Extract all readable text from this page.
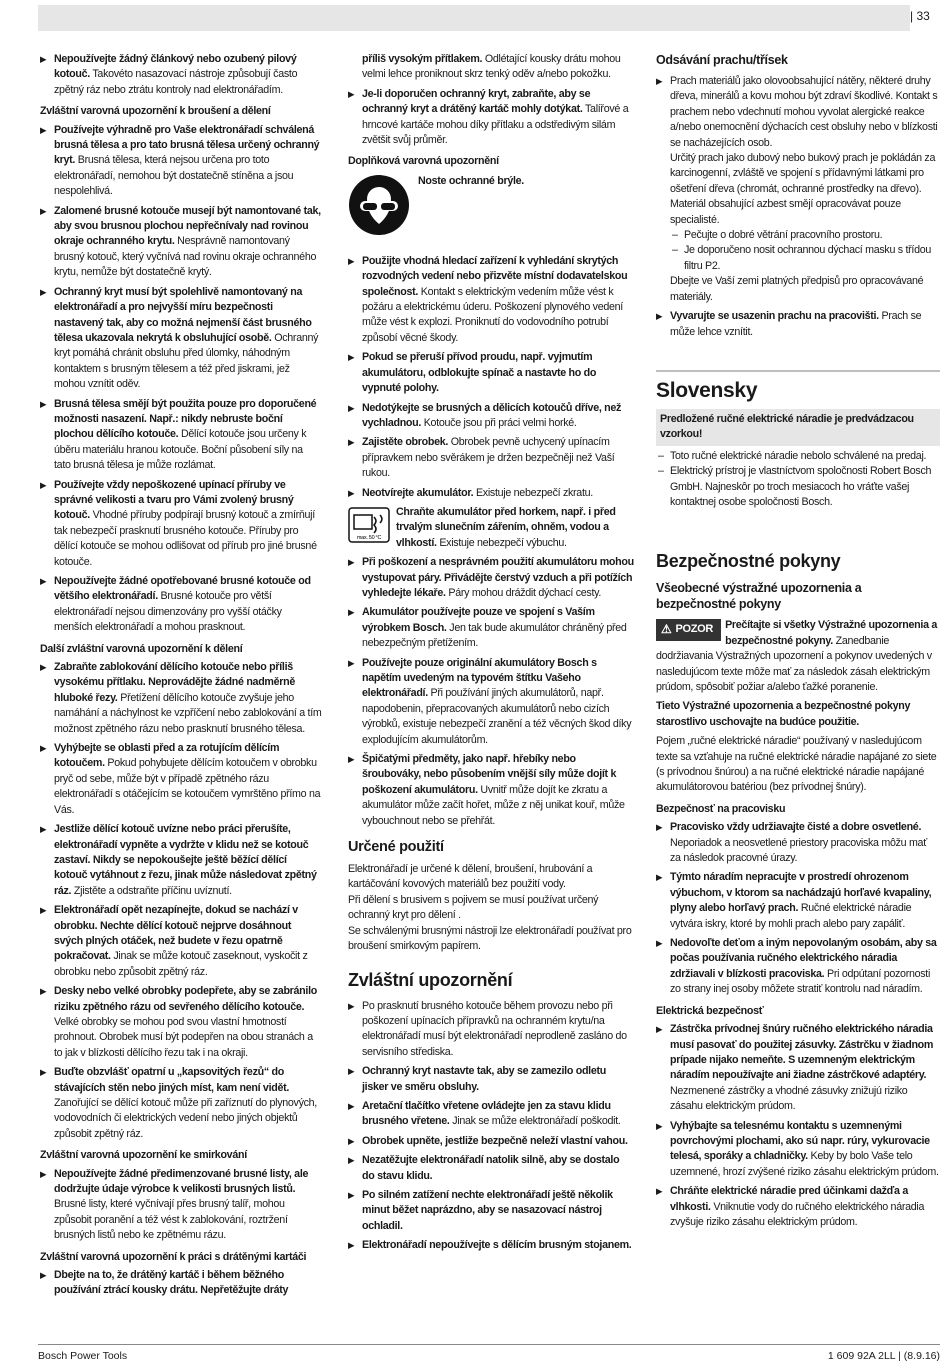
| 33
▶ Nepoužívejte žádný článkový nebo ozubený pilový kotouč. Takovéto nasazovací nástroje způsobují často zpětný ráz nebo ztrátu kontroly nad elektronářadím.
Zvláštní varovná upozornění k broušení a dělení
▶ Používejte výhradně pro Vaše elektronářadí schválená brusná tělesa a pro tato brusná tělesa určený ochranný kryt. Brusná tělesa, která nejsou určena pro toto elektronářadí, nemohou být dostatečně stíněna a jsou nespolehlivá.
▶ Zalomené brusné kotouče musejí být namontované tak, aby svou brusnou plochou nepřečnívaly nad rovinou okraje ochranného krytu. Nesprávně namontovaný brusný kotouč, který vyčnívá nad rovinu okraje ochranného krytu, nemůže být dostatečně krytý.
▶ Ochranný kryt musí být spolehlivě namontovaný na elektronářadí a pro nejvyšší míru bezpečnosti nastavený tak, aby co možná nejmenší část brusného tělesa ukazovala nekrytá k obsluhující osobě. Ochranný kryt pomáhá chránit obsluhu před úlomky, náhodným kontaktem s brusným tělesem a též před jiskrami, jež mohou vznítit oděv.
▶ Brusná tělesa smějí být použita pouze pro doporučené možnosti nasazení. Např.: nikdy nebruste boční plochou dělícího kotouče. Dělící kotouče jsou určeny k úběru materiálu hranou kotouče. Boční působení síly na tato brusná tělesa je může rozlámat.
▶ Používejte vždy nepoškozené upínací příruby ve správné velikosti a tvaru pro Vámi zvolený brusný kotouč. Vhodné příruby podpírají brusný kotouč a zmírňují tak nebezpečí prasknutí brusného kotouče. Příruby pro dělící kotouče se mohou odlišovat od přírub pro jiné brusné kotouče.
▶ Nepoužívejte žádné opotřebované brusné kotouče od většího elektronářadí. Brusné kotouče pro větší elektronářadí nejsou dimenzovány pro vyšší otáčky menších elektronářadí a mohou prasknout.
Další zvláštní varovná upozornění k dělení
▶ Zabraňte zablokování dělícího kotouče nebo příliš vysokému přítlaku. Neprovádějte žádné nadměrně hluboké řezy. Přetížení dělícího kotouče zvyšuje jeho namáhání a náchylnost ke vzpříčení nebo zablokování a tím možnost zpětného rázu nebo prasknutí brusného tělesa.
▶ Vyhýbejte se oblasti před a za rotujícím dělícím kotoučem. Pokud pohybujete dělícím kotoučem v obrobku pryč od sebe, může být v případě zpětného rázu elektronářadí s otáčejícím se kotoučem vymrštěno přímo na Vás.
▶ Jestliže dělící kotouč uvízne nebo práci přerušíte, elektronářadí vypněte a vydržte v klidu než se kotouč zastaví. Nikdy se nepokoušejte ještě běžící dělící kotouč vytáhnout z řezu, jinak může následovat zpětný ráz. Zjistěte a odstraňte příčinu uvíznutí.
▶ Elektronářadí opět nezapínejte, dokud se nachází v obrobku. Nechte dělící kotouč nejprve dosáhnout svých plných otáček, než budete v řezu opatrně pokračovat. Jinak se může kotouč zaseknout, vyskočit z obrobku nebo způsobit zpětný ráz.
▶ Desky nebo velké obrobky podepřete, aby se zabránilo riziku zpětného rázu od sevřeného dělícího kotouče. Velké obrobky se mohou pod svou vlastní hmotností prohnout. Obrobek musí být podepřen na obou stranách a to jak v blízkosti dělícího řezu tak i na okraji.
▶ Buďte obzvlášť opatrní u „kapsovitých řezů“ do stávajících stěn nebo jiných míst, kam není vidět. Zanořující se dělící kotouč může při zaříznutí do plynových, vodovodních či elektrických vedení nebo jiných objektů způsobit zpětný ráz.
Zvláštní varovná upozornění ke smirkování
▶ Nepoužívejte žádné předimenzované brusné listy, ale dodržujte údaje výrobce k velikosti brusných listů. Brusné listy, které vyčnívají přes brusný talíř, mohou způsobit poranění a též vést k zablokování, roztržení brusných listů nebo ke zpětnému rázu.
Zvláštní varovná upozornění k práci s drátěnými kartáči
▶ Dbejte na to, že drátěný kartáč i během běžného používání ztrácí kousky drátu. Nepřetěžujte dráty
příliš vysokým přítlakem. Odlétající kousky drátu mohou velmi lehce proniknout skrz tenký oděv a/nebo pokožku.
▶ Je-li doporučen ochranný kryt, zabraňte, aby se ochranný kryt a drátěný kartáč mohly dotýkat. Talířové a hrncové kartáče mohou díky přítlaku a odstředivým silám zvětšit svůj průměr.
Doplňková varovná upozornění
Noste ochranné brýle.
▶ Použijte vhodná hledací zařízení k vyhledání skrytých rozvodných vedení nebo přizvěte místní dodavatelskou společnost. Kontakt s elektrickým vedením může vést k požáru a elektrickému úderu. Poškození plynového vedení může vést k explozi. Proniknutí do vodovodního potrubí způsobí věcné škody.
▶ Pokud se přeruší přívod proudu, např. vyjmutím akumulátoru, odblokujte spínač a nastavte ho do vypnuté polohy.
▶ Nedotýkejte se brusných a dělicích kotoučů dříve, než vychladnou. Kotouče jsou při práci velmi horké.
▶ Zajistěte obrobek. Obrobek pevně uchycený upínacím přípravkem nebo svěrákem je držen bezpečněji než Vaší rukou.
▶ Neotvírejte akumulátor. Existuje nebezpečí zkratu.
max. 50 °C
Chraňte akumulátor před horkem, např. i před trvalým slunečním zářením, ohněm, vodou a vlhkostí. Existuje nebezpečí výbuchu.
▶ Při poškození a nesprávném použití akumulátoru mohou vystupovat páry. Přivádějte čerstvý vzduch a při potížích vyhledejte lékaře. Páry mohou dráždit dýchací cesty.
▶ Akumulátor používejte pouze ve spojení s Vaším výrobkem Bosch. Jen tak bude akumulátor chráněný před nebezpečným přetížením.
▶ Používejte pouze originální akumulátory Bosch s napětím uvedeným na typovém štítku Vašeho elektronářadí. Při používání jiných akumulátorů, např. napodobenin, přepracovaných akumulátorů nebo cizích výrobků, existuje nebezpečí zranění a též věcných škod díky explodujícím akumulátorům.
▶ Špičatými předměty, jako např. hřebíky nebo šroubováky, nebo působením vnější síly může dojít k poškození akumulátoru. Uvnitř může dojít ke zkratu a akumulátor může začít hořet, může z něj unikat kouř, může vybouchnout nebo se přehřát.
Určené použití
Elektronářadí je určené k dělení, broušení, hrubování a kartáčování kovových materiálů bez použití vody.
Při dělení s brusivem s pojivem se musí používat určený ochranný kryt pro dělení .
Se schválenými brusnými nástroji lze elektronářadí používat pro broušení smirkovým papírem.
Zvláštní upozornění
▶ Po prasknutí brusného kotouče během provozu nebo při poškození upínacích přípravků na ochranném krytu/na elektronářadí musí být elektronářadí neprodleně zasláno do servisního střediska.
▶ Ochranný kryt nastavte tak, aby se zamezilo odletu jisker ve směru obsluhy.
▶ Aretační tlačítko vřetene ovládejte jen za stavu klidu brusného vřetene. Jinak se může elektronářadí poškodit.
▶ Obrobek upněte, jestliže bezpečně neleží vlastní vahou.
▶ Nezatěžujte elektronářadí natolik silně, aby se dostalo do stavu klidu.
▶ Po silném zatížení nechte elektronářadí ještě několik minut běžet naprázdno, aby se nasazovací nástroj ochladil.
▶ Elektronářadí nepoužívejte s dělícím brusným stojanem.
Odsávání prachu/třísek
▶ Prach materiálů jako olovoobsahující nátěry, některé druhy dřeva, minerálů a kovu mohou být zdraví škodlivé. Kontakt s prachem nebo vdechnutí mohou vyvolat alergické reakce a/nebo onemocnění dýchacích cest obsluhy nebo v blízkosti se nacházejících osob.
Určitý prach jako dubový nebo bukový prach je pokládán za karcinogenní, zvláště ve spojení s přídavnými látkami pro ošetření dřeva (chromát, ochranné prostředky na dřevo). Materiál obsahující azbest smějí opracovávat pouze specialisté.
– Pečujte o dobré větrání pracovního prostoru.
– Je doporučeno nosit ochrannou dýchací masku s třídou filtru P2.
Dbejte ve Vaší zemi platných předpisů pro opracovávané materiály.
▶ Vyvarujte se usazenin prachu na pracovišti. Prach se může lehce vznítit.
Slovensky
Predložené ručné elektrické náradie je predvádzacou vzorkou!
– Toto ručné elektrické náradie nebolo schválené na predaj.
– Elektrický prístroj je vlastníctvom spoločnosti Robert Bosch GmbH. Najneskôr po troch mesiacoch ho vráťte vašej kontaktnej osobe spoločnosti Bosch.
Bezpečnostné pokyny
Všeobecné výstražné upozornenia a bezpečnostné pokyny
⚠ POZOR Prečítajte si všetky Výstražné upozornenia a bezpečnostné pokyny. Zanedbanie dodržiavania Výstražných upozornení a pokynov uvedených v nasledujúcom texte môže mať za následok zásah elektrickým prúdom, spôsobiť požiar a/alebo ťažké poranenie.
Tieto Výstražné upozornenia a bezpečnostné pokyny starostlivo uschovajte na budúce použitie.
Pojem „ručné elektrické náradie“ používaný v nasledujúcom texte sa vzťahuje na ručné elektrické náradie napájané zo siete (s prívodnou šnúrou) a na ručné elektrické náradie napájané akumulátorovou batériou (bez prívodnej šnúry).
Bezpečnosť na pracovisku
▶ Pracovisko vždy udržiavajte čisté a dobre osvetlené. Neporiadok a neosvetlené priestory pracoviska môžu mať za následok pracovné úrazy.
▶ Týmto náradím nepracujte v prostredí ohrozenom výbuchom, v ktorom sa nachádzajú horľavé kvapaliny, plyny alebo horľavý prach. Ručné elektrické náradie vytvára iskry, ktoré by mohli prach alebo pary zapáliť.
▶ Nedovoľte deťom a iným nepovolaným osobám, aby sa počas používania ručného elektrického náradia zdržiavali v blízkosti pracoviska. Pri odpútaní pozornosti zo strany inej osoby môžete stratiť kontrolu nad náradím.
Elektrická bezpečnosť
▶ Zástrčka prívodnej šnúry ručného elektrického náradia musí pasovať do použitej zásuvky. Zástrčku v žiadnom prípade nijako nemeňte. S uzemneným elektrickým náradím nepoužívajte ani žiadne zástrčkové adaptéry. Nezmenené zástrčky a vhodné zásuvky znižujú riziko zásahu elektrickým prúdom.
▶ Vyhýbajte sa telesnému kontaktu s uzemnenými povrchovými plochami, ako sú napr. rúry, vykurovacie telesá, sporáky a chladničky. Keby by bolo Vaše telo uzemnené, hrozí zvýšené riziko zásahu elektrickým prúdom.
▶ Chráňte elektrické náradie pred účinkami dažďa a vlhkosti. Vniknutie vody do ručného elektrického náradia zvyšuje riziko zásahu elektrickým prúdom.
Bosch Power Tools	1 609 92A 2LL | (8.9.16)
